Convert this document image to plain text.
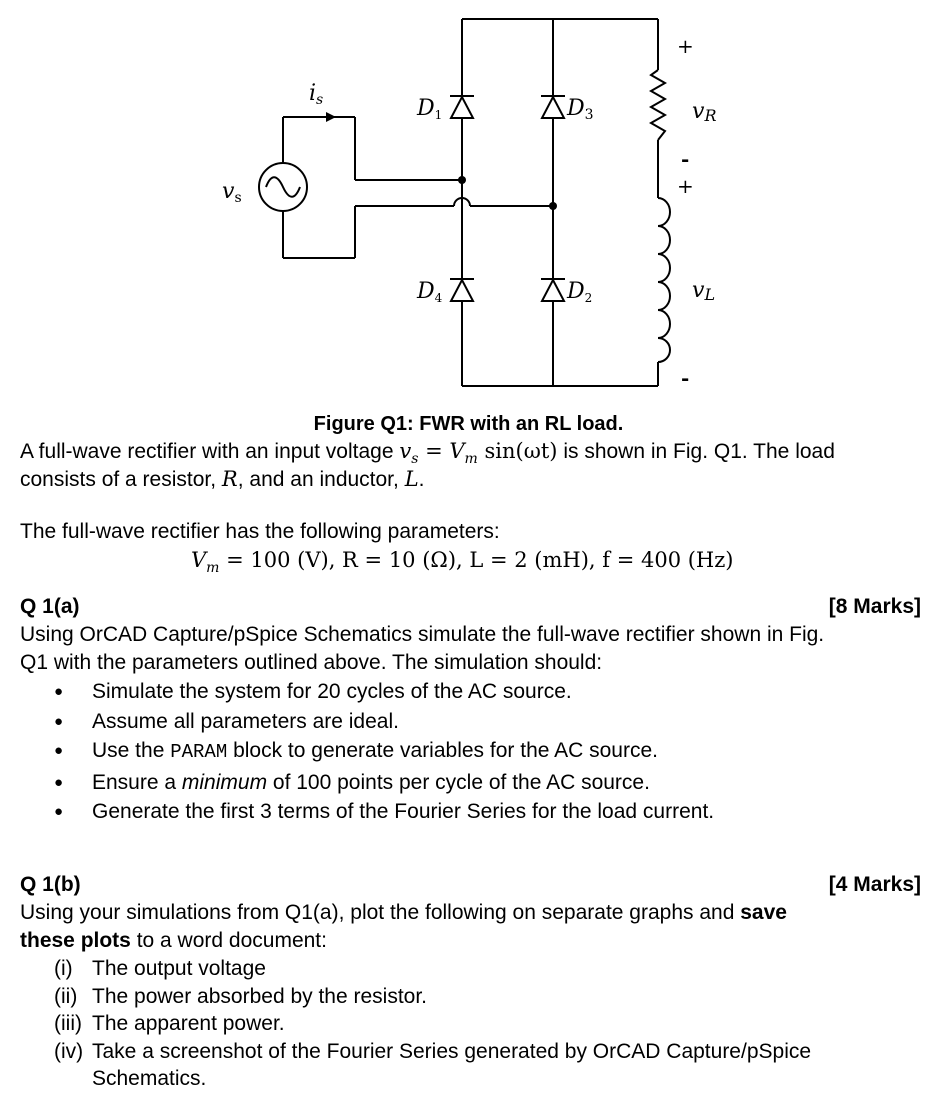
vs
is	D1	D3
D4	D2
vR
vL
+
-
+
-
Figure Q1: FWR with an RL load.
A full-wave rectifier with an input voltage $v_s = V_m$ sin(ωt) is shown in Fig. Q1. The load
consists of a resistor, R, and an inductor, L.
The full-wave rectifier has the following parameters:
$V_m = 100$ (V), R = 10 (Ω), L = 2 (mH), f = 400 (Hz)
Q 1(a)	[8 Marks]
Using OrCAD Capture/pSpice Schematics simulate the full-wave rectifier shown in Fig.
Q1 with the parameters outlined above. The simulation should:
● Simulate the system for 20 cycles of the AC source.
● Assume all parameters are ideal.
● Use the PARAM block to generate variables for the AC source.
● Ensure a minimum of 100 points per cycle of the AC source.
● Generate the first 3 terms of the Fourier Series for the load current.
Q 1(b)	[4 Marks]
Using your simulations from Q1(a), plot the following on separate graphs and save
these plots to a word document:
(i) The output voltage
(ii) The power absorbed by the resistor.
(iii) The apparent power.
(iv) Take a screenshot of the Fourier Series generated by OrCAD Capture/pSpice
Schematics.
